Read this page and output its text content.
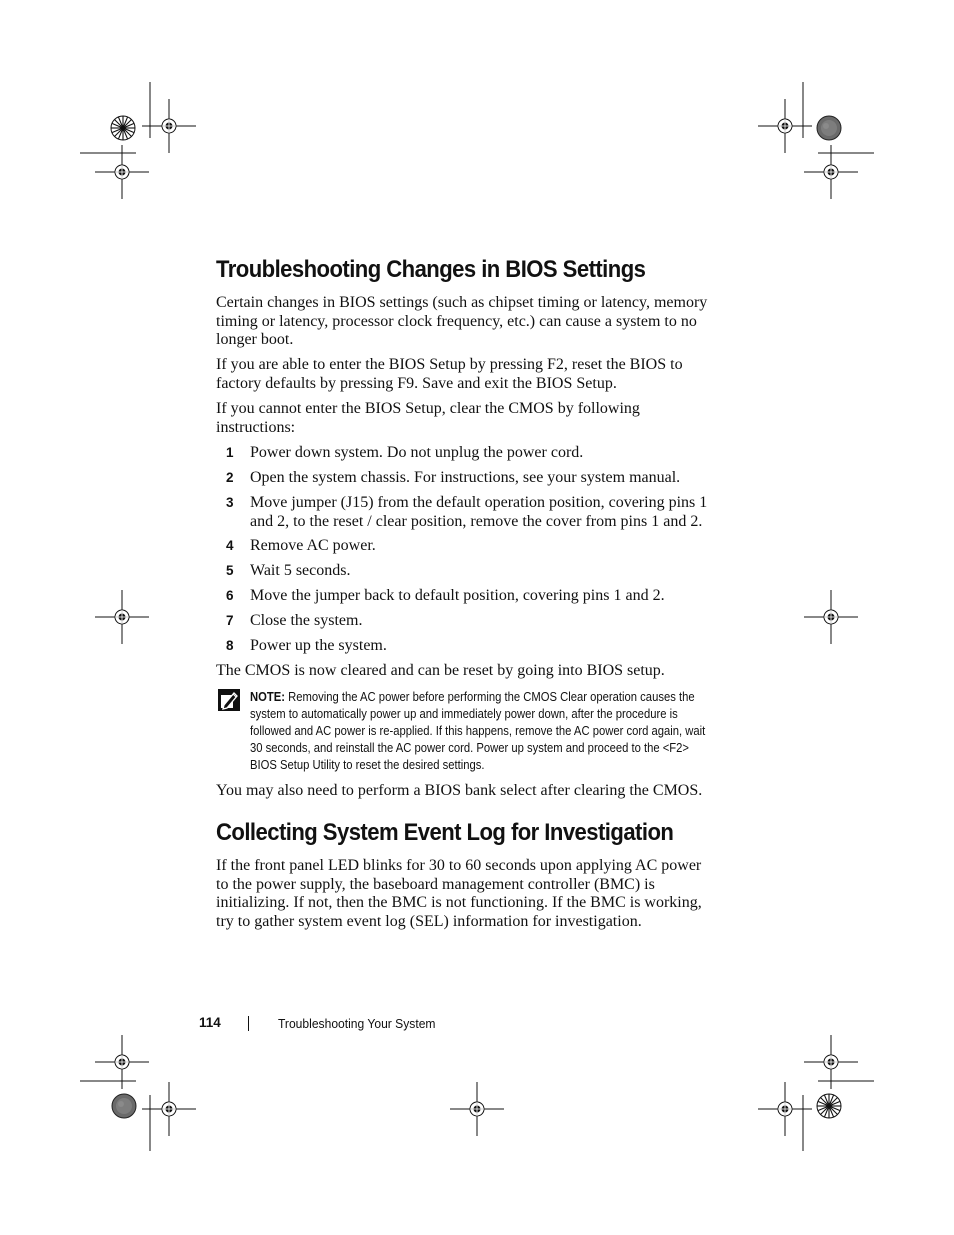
Troubleshooting Changes in BIOS Settings

Certain changes in BIOS settings (such as chipset timing or latency, memory timing or latency, processor clock frequency, etc.) can cause a system to no longer boot.

If you are able to enter the BIOS Setup by pressing F2, reset the BIOS to factory defaults by pressing F9. Save and exit the BIOS Setup.

If you cannot enter the BIOS Setup, clear the CMOS by following instructions:

1 Power down system. Do not unplug the power cord.
2 Open the system chassis. For instructions, see your system manual.
3 Move jumper (J15) from the default operation position, covering pins 1 and 2, to the reset / clear position, remove the cover from pins 1 and 2.
4 Remove AC power.
5 Wait 5 seconds.
6 Move the jumper back to default position, covering pins 1 and 2.
7 Close the system.
8 Power up the system.

The CMOS is now cleared and can be reset by going into BIOS setup.

NOTE: Removing the AC power before performing the CMOS Clear operation causes the system to automatically power up and immediately power down, after the procedure is followed and AC power is re-applied. If this happens, remove the AC power cord again, wait 30 seconds, and reinstall the AC power cord. Power up system and proceed to the <F2> BIOS Setup Utility to reset the desired settings.

You may also need to perform a BIOS bank select after clearing the CMOS.

Collecting System Event Log for Investigation

If the front panel LED blinks for 30 to 60 seconds upon applying AC power to the power supply, the baseboard management controller (BMC) is initializing. If not, then the BMC is not functioning. If the BMC is working, try to gather system event log (SEL) information for investigation.

114	Troubleshooting Your System
